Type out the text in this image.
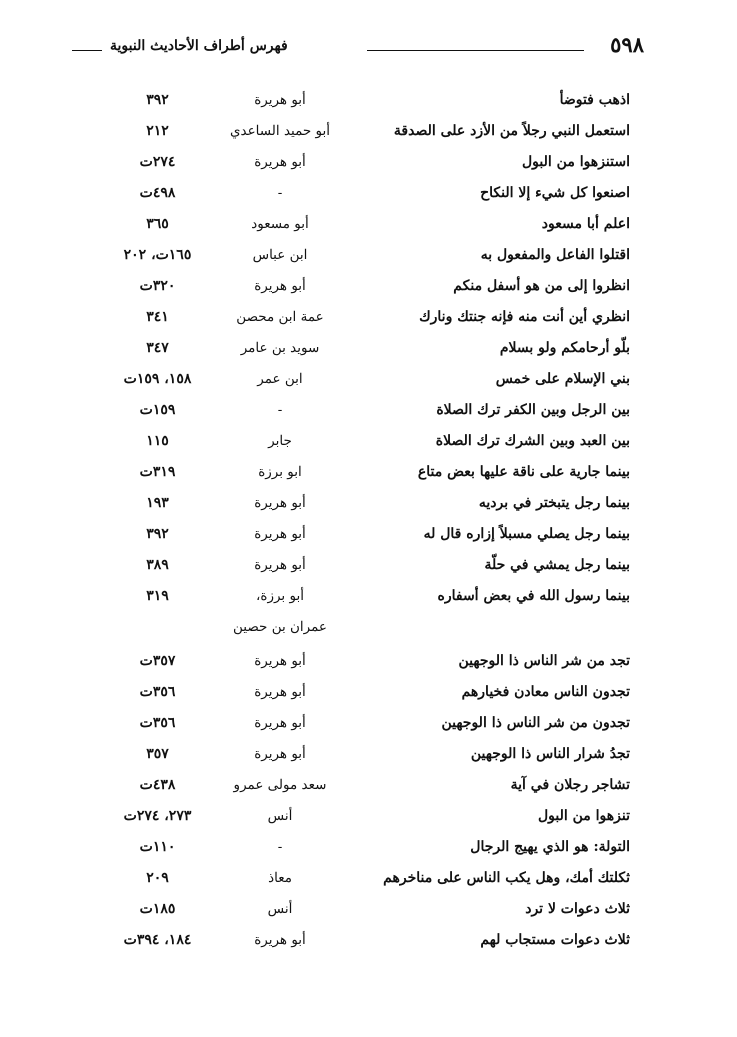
٥٩٨
فهرس أطراف الأحاديث النبوية
اذهب فتوضأ
أبو هريرة
٣٩٢
استعمل النبي رجلاً من الأزد على الصدقة
أبو حميد الساعدي
٢١٢
استنزهوا من البول
أبو هريرة
٢٧٤ت
اصنعوا كل شيء إلا النكاح
-
٤٩٨ت
اعلم أبا مسعود
أبو مسعود
٣٦٥
اقتلوا الفاعل والمفعول به
ابن عباس
١٦٥ت، ٢٠٢
انظروا إلى من هو أسفل منكم
أبو هريرة
٣٢٠ت
انظري أين أنت منه فإنه جنتك ونارك
عمة ابن محصن
٣٤١
بلّو أرحامكم ولو بسلام
سويد بن عامر
٣٤٧
بني الإسلام على خمس
ابن عمر
١٥٨، ١٥٩ت
بين الرجل وبين الكفر ترك الصلاة
-
١٥٩ت
بين العبد وبين الشرك ترك الصلاة
جابر
١١٥
بينما جارية على ناقة عليها بعض متاع
ابو برزة
٣١٩ت
بينما رجل يتبختر في برديه
أبو هريرة
١٩٣
بينما رجل يصلي مسبلاً إزاره قال له
أبو هريرة
٣٩٢
بينما رجل يمشي في حلّة
أبو هريرة
٣٨٩
بينما رسول الله في بعض أسفاره
أبو برزة،
٣١٩
عمران بن حصين
تجد من شر الناس ذا الوجهين
أبو هريرة
٣٥٧ت
تجدون الناس معادن فخيارهم
أبو هريرة
٣٥٦ت
تجدون من شر الناس ذا الوجهين
أبو هريرة
٣٥٦ت
تجدُ شرار الناس ذا الوجهين
أبو هريرة
٣٥٧
تشاجر رجلان في آية
سعد مولى عمرو
٤٣٨ت
تنزهوا من البول
أنس
٢٧٣، ٢٧٤ت
التولة: هو الذي يهيج الرجال
-
١١٠ت
ثكلتك أمك، وهل يكب الناس على مناخرهم
معاذ
٢٠٩
ثلاث دعوات لا ترد
أنس
١٨٥ت
ثلاث دعوات مستجاب لهم
أبو هريرة
١٨٤، ٣٩٤ت
